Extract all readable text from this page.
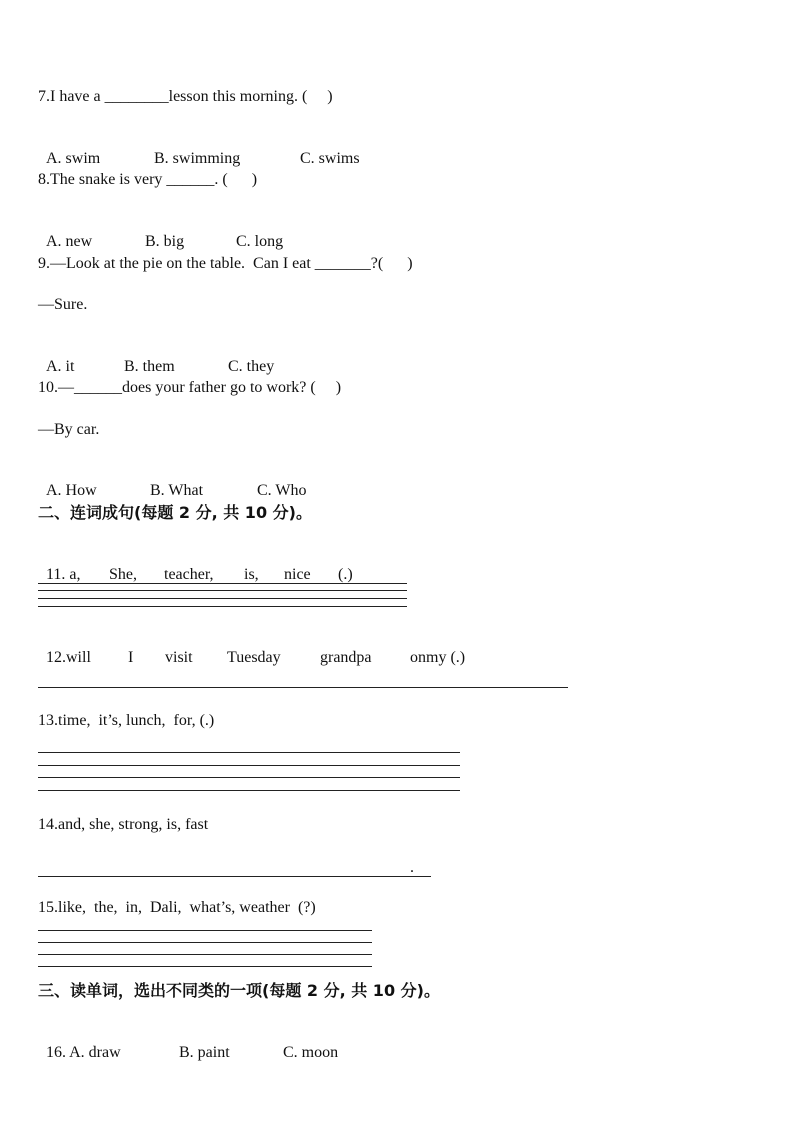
7.I have a ________lesson this morning. (     )

A. swim	B. swimming	C. swims

8.The snake is very ______. (      )

A. new	B. big	C. long

9.—Look at the pie on the table.  Can I eat _______?(      )
—Sure.

A. it	B. them	C. they

10.—______does your father go to work? (     )
—By car.

A. How	B. What	C. Who

二、连词成句(每题 2 分, 共 10 分)。

11. a, She, teacher, is, nice (.)

12.will I visit Tuesday grandpa onmy (.)

13.time,  it’s, lunch,  for, (.)
14.and, she, strong, is, fast
.
15.like,  the,  in,  Dali,  what’s, weather  (?)
三、读单词，选出不同类的一项(每题 2 分, 共 10 分)。

16. A. draw	B. paint	C. moon
